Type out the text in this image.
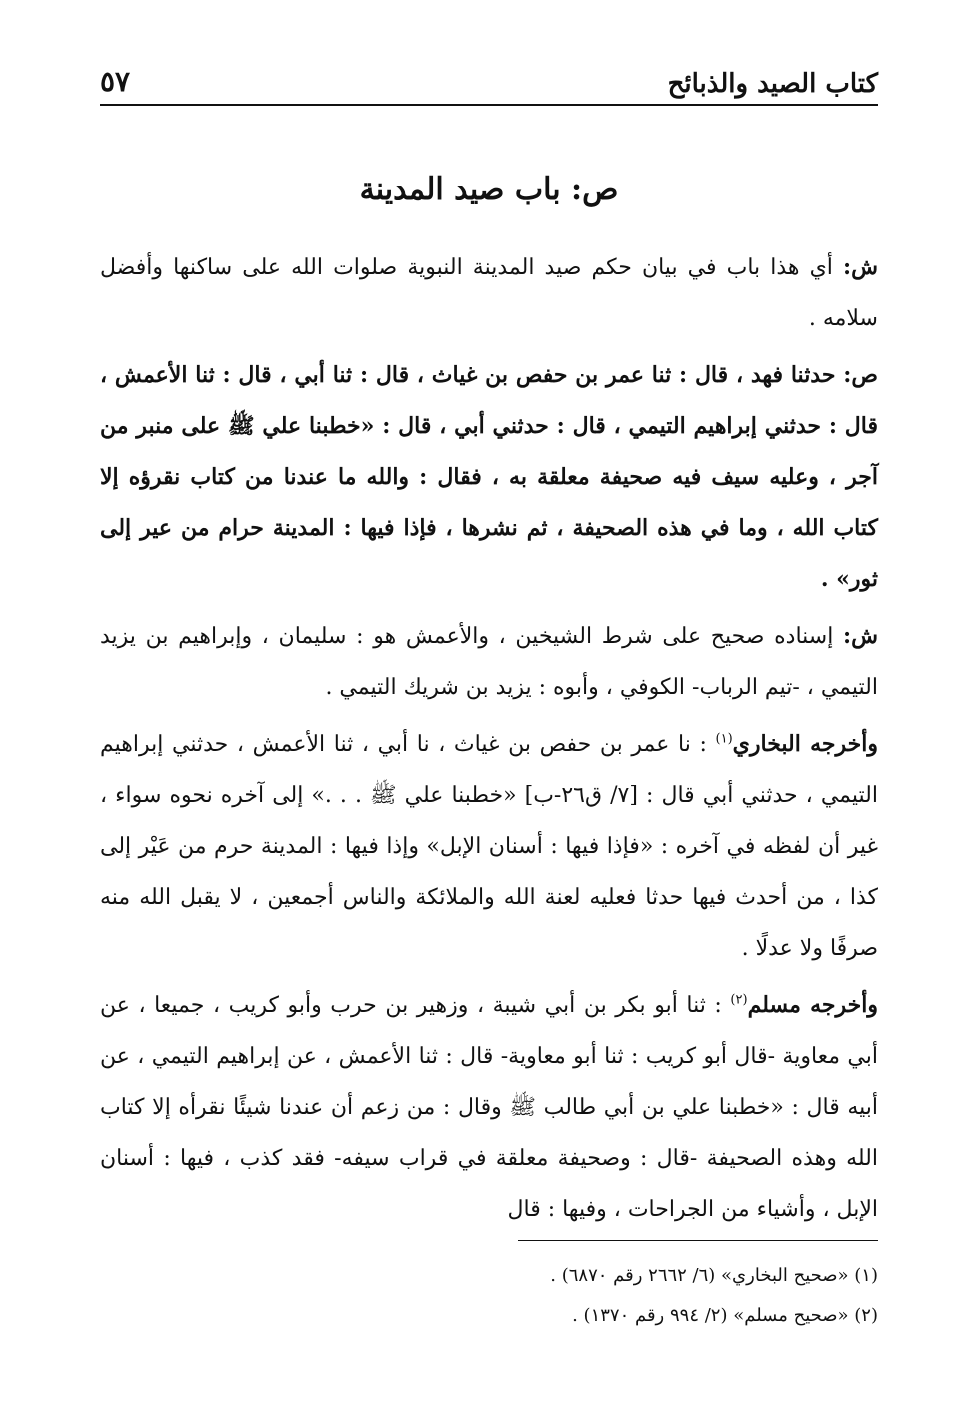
كتاب الصيد والذبائح
٥٧
ص: باب صيد المدينة

ش: أي هذا باب في بيان حكم صيد المدينة النبوية صلوات الله على ساكنها وأفضل سلامه .

ص: حدثنا فهد ، قال : ثنا عمر بن حفص بن غياث ، قال : ثنا أبي ، قال : ثنا الأعمش ، قال : حدثني إبراهيم التيمي ، قال : حدثني أبي ، قال : «خطبنا علي ﷺ على منبر من آجر ، وعليه سيف فيه صحيفة معلقة به ، فقال : والله ما عندنا من كتاب نقرؤه إلا كتاب الله ، وما في هذه الصحيفة ، ثم نشرها ، فإذا فيها : المدينة حرام من عير إلى ثور» .

ش: إسناده صحيح على شرط الشيخين ، والأعمش هو : سليمان ، وإبراهيم بن يزيد التيمي ، -تيم الرباب- الكوفي ، وأبوه : يزيد بن شريك التيمي .

وأخرجه البخاري$^{(١)}$ : نا عمر بن حفص بن غياث ، نا أبي ، ثنا الأعمش ، حدثني إبراهيم التيمي ، حدثني أبي قال : [٧/ ق٢٦-ب] «خطبنا علي ﷺ . . .» إلى آخره نحوه سواء ، غير أن لفظه في آخره : «فإذا فيها : أسنان الإبل» وإذا فيها : المدينة حرم من عَيْر إلى كذا ، من أحدث فيها حدثا فعليه لعنة الله والملائكة والناس أجمعين ، لا يقبل الله منه صرفًا ولا عدلًا .

وأخرجه مسلم$^{(٢)}$ : ثنا أبو بكر بن أبي شيبة ، وزهير بن حرب وأبو كريب ، جميعا ، عن أبي معاوية -قال أبو كريب : ثنا أبو معاوية- قال : ثنا الأعمش ، عن إبراهيم التيمي ، عن أبيه قال : «خطبنا علي بن أبي طالب ﷺ وقال : من زعم أن عندنا شيئًا نقرأه إلا كتاب الله وهذه الصحيفة -قال : وصحيفة معلقة في قراب سيفه- فقد كذب ، فيها : أسنان الإبل ، وأشياء من الجراحات ، وفيها : قال

(١) «صحيح البخاري» (٦/ ٢٦٦٢ رقم ٦٨٧٠) .
(٢) «صحيح مسلم» (٢/ ٩٩٤ رقم ١٣٧٠) .
